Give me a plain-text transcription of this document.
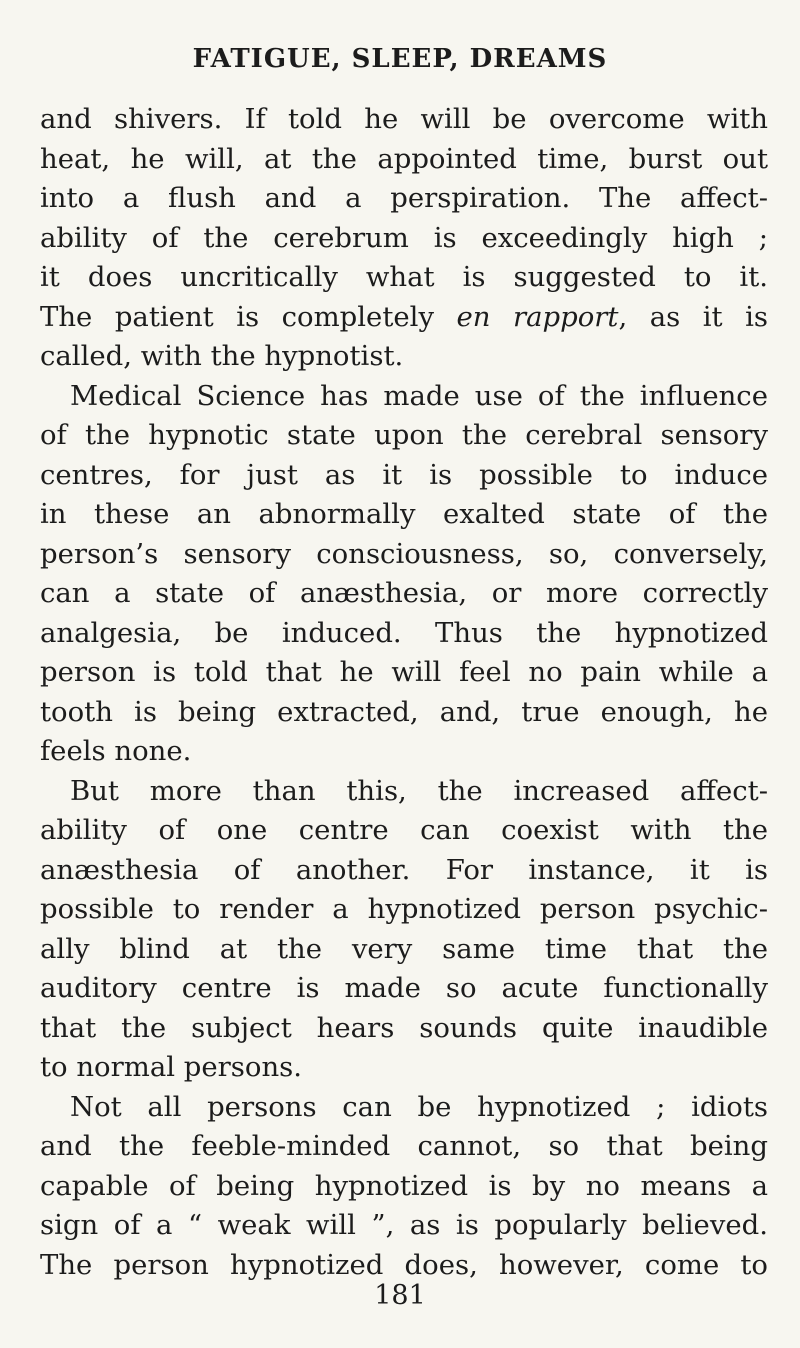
FATIGUE, SLEEP, DREAMS
and shivers. If told he will be overcome with
heat, he will, at the appointed time, burst out
into a flush and a perspiration. The affect-
ability of the cerebrum is exceedingly high ;
it does uncritically what is suggested to it.
The patient is completely en rapport, as it is
called, with the hypnotist.
Medical Science has made use of the influence
of the hypnotic state upon the cerebral sensory
centres, for just as it is possible to induce
in these an abnormally exalted state of the
person’s sensory consciousness, so, conversely,
can a state of anæsthesia, or more correctly
analgesia, be induced. Thus the hypnotized
person is told that he will feel no pain while a
tooth is being extracted, and, true enough, he
feels none.
But more than this, the increased affect-
ability of one centre can coexist with the
anæsthesia of another. For instance, it is
possible to render a hypnotized person psychic-
ally blind at the very same time that the
auditory centre is made so acute functionally
that the subject hears sounds quite inaudible
to normal persons.
Not all persons can be hypnotized ; idiots
and the feeble-minded cannot, so that being
capable of being hypnotized is by no means a
sign of a “ weak will ”, as is popularly believed.
The person hypnotized does, however, come to
181
